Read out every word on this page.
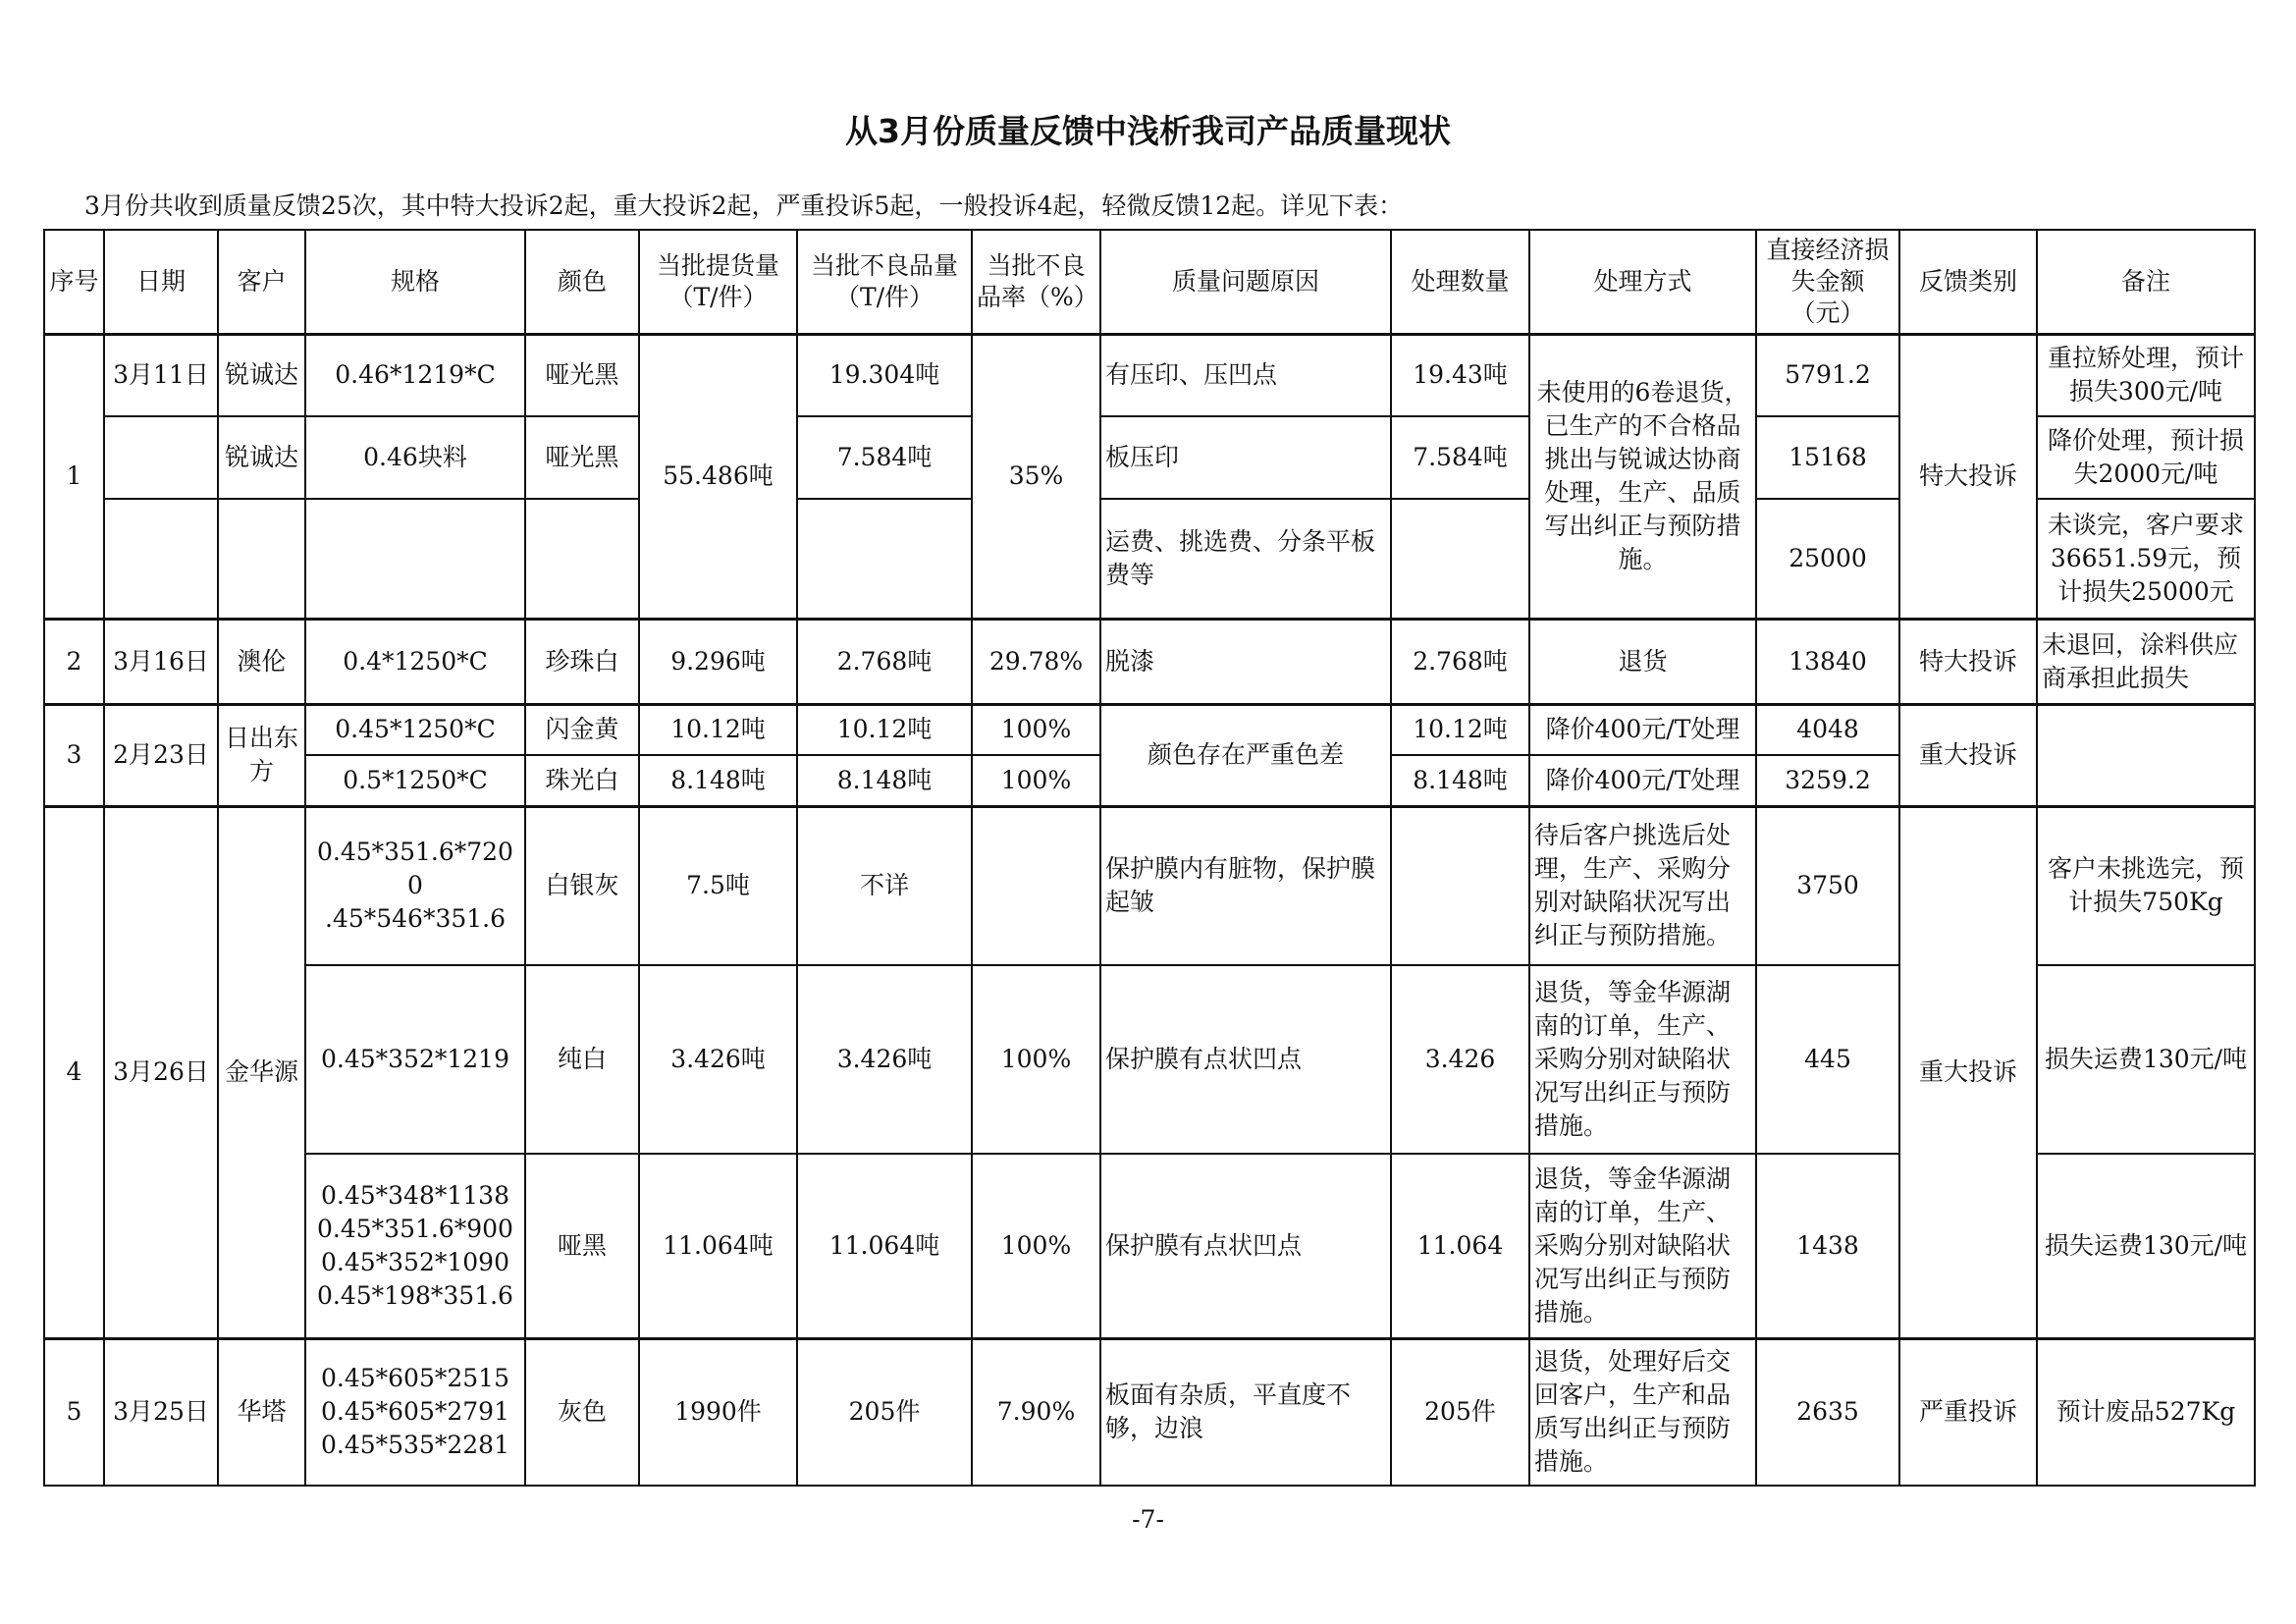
从3月份质量反馈中浅析我司产品质量现状
3月份共收到质量反馈25次，其中特大投诉2起，重大投诉2起，严重投诉5起，一般投诉4起，轻微反馈12起。详见下表：
序号	日期	客户	规格	颜色	当批提货量（T/件）	当批不良品量（T/件）	当批不良品率（%）	质量问题原因	处理数量	处理方式	直接经济损失金额（元）	反馈类别	备注
1	3月11日	锐诚达	0.46*1219*C	哑光黑	55.486吨	19.304吨	35%	有压印、压凹点	19.43吨	未使用的6卷退货，已生产的不合格品挑出与锐诚达协商处理，生产、品质写出纠正与预防措施。	5791.2	特大投诉	重拉矫处理，预计损失300元/吨
		锐诚达	0.46块料	哑光黑		7.584吨		板压印	7.584吨		15168		降价处理，预计损失2000元/吨
								运费、挑选费、分条平板费等			25000		未谈完，客户要求36651.59元，预计损失25000元
2	3月16日	澳伦	0.4*1250*C	珍珠白	9.296吨	2.768吨	29.78%	脱漆	2.768吨	退货	13840	特大投诉	未退回，涂料供应商承担此损失
3	2月23日	日出东方	0.45*1250*C	闪金黄	10.12吨	10.12吨	100%	颜色存在严重色差	10.12吨	降价400元/T处理	4048	重大投诉	
			0.5*1250*C	珠光白	8.148吨	8.148吨	100%		8.148吨	降价400元/T处理	3259.2		
4	3月26日	金华源	0.45*351.6*7200
.45*546*351.6	白银灰	7.5吨	不详		保护膜内有脏物，保护膜起皱		待后客户挑选后处理，生产、采购分别对缺陷状况写出纠正与预防措施。	3750	重大投诉	客户未挑选完，预计损失750Kg
			0.45*352*1219	纯白	3.426吨	3.426吨	100%	保护膜有点状凹点	3.426	退货，等金华源湖南的订单，生产、采购分别对缺陷状况写出纠正与预防措施。	445		损失运费130元/吨
			0.45*348*1138
0.45*351.6*900
0.45*352*1090
0.45*198*351.6	哑黑	11.064吨	11.064吨	100%	保护膜有点状凹点	11.064	退货，等金华源湖南的订单，生产、采购分别对缺陷状况写出纠正与预防措施。	1438		损失运费130元/吨
5	3月25日	华塔	0.45*605*2515
0.45*605*2791
0.45*535*2281	灰色	1990件	205件	7.90%	板面有杂质，平直度不够，边浪	205件	退货，处理好后交回客户，生产和品质写出纠正与预防措施。	2635	严重投诉	预计废品527Kg
-7-
